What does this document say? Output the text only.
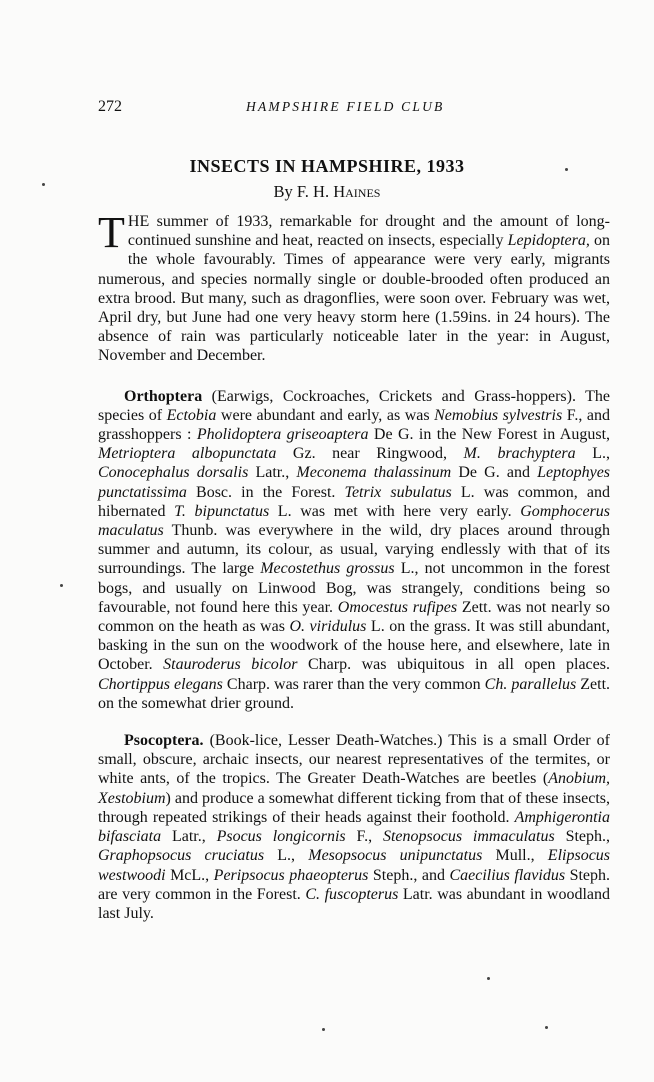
272	HAMPSHIRE FIELD CLUB
INSECTS IN HAMPSHIRE, 1933
By F. H. Haines

THE summer of 1933, remarkable for drought and the amount of long-continued sunshine and heat, reacted on insects, especially Lepidoptera, on the whole favourably. Times of appearance were very early, migrants numerous, and species normally single or double-brooded often produced an extra brood. But many, such as dragonflies, were soon over. February was wet, April dry, but June had one very heavy storm here (1.59ins. in 24 hours). The absence of rain was particularly noticeable later in the year: in August, November and December.

Orthoptera (Earwigs, Cockroaches, Crickets and Grass-hoppers). The species of Ectobia were abundant and early, as was Nemobius sylvestris F., and grasshoppers : Pholidoptera griseoaptera De G. in the New Forest in August, Metrioptera albopunctata Gz. near Ringwood, M. brachyptera L., Conocephalus dorsalis Latr., Meconema thalassinum De G. and Leptophyes punctatissima Bosc. in the Forest. Tetrix subulatus L. was common, and hibernated T. bipunctatus L. was met with here very early. Gomphocerus maculatus Thunb. was everywhere in the wild, dry places around through summer and autumn, its colour, as usual, varying endlessly with that of its surroundings. The large Mecostethus grossus L., not uncommon in the forest bogs, and usually on Linwood Bog, was strangely, conditions being so favourable, not found here this year. Omocestus rufipes Zett. was not nearly so common on the heath as was O. viridulus L. on the grass. It was still abundant, basking in the sun on the woodwork of the house here, and elsewhere, late in October. Stauroderus bicolor Charp. was ubiquitous in all open places. Chortippus elegans Charp. was rarer than the very common Ch. parallelus Zett. on the somewhat drier ground.

Psocoptera. (Book-lice, Lesser Death-Watches.) This is a small Order of small, obscure, archaic insects, our nearest representatives of the termites, or white ants, of the tropics. The Greater Death-Watches are beetles (Anobium, Xestobium) and produce a somewhat different ticking from that of these insects, through repeated strikings of their heads against their foothold. Amphigerontia bifasciata Latr., Psocus longicornis F., Stenopsocus immaculatus Steph., Graphopsocus cruciatus L., Mesopsocus unipunctatus Mull., Elipsocus westwoodi McL., Peripsocus phaeopterus Steph., and Caecilius flavidus Steph. are very common in the Forest. C. fuscopterus Latr. was abundant in woodland last July.
